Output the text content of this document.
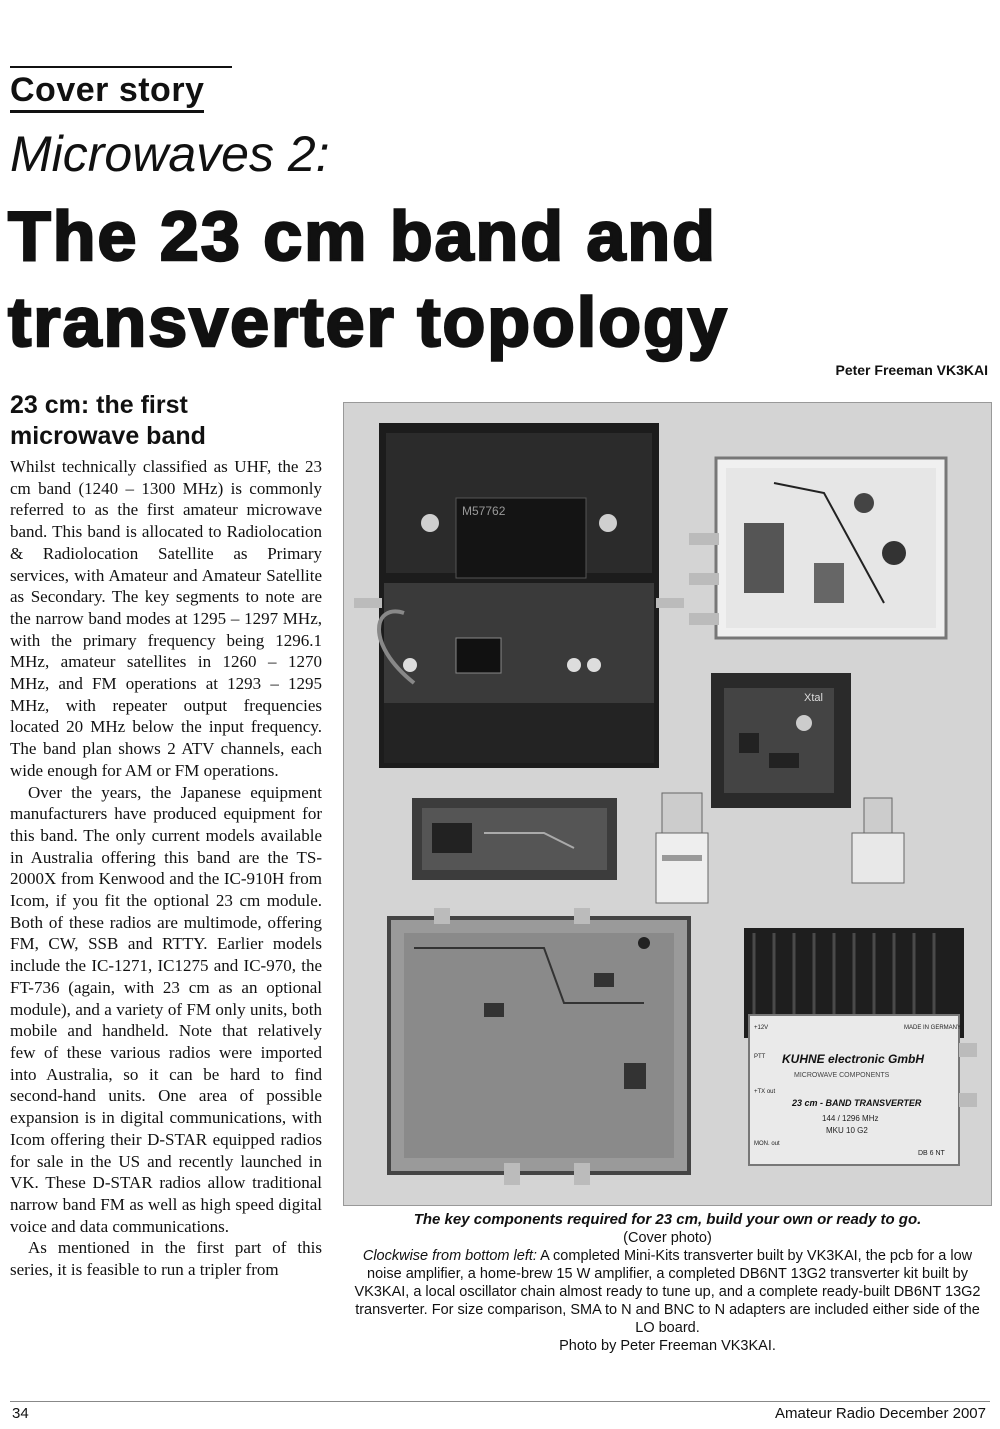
Cover story
Microwaves 2:
The 23 cm band and
transverter topology
Peter Freeman VK3KAI
23 cm: the first
microwave band

Whilst technically classified as UHF, the 23 cm band (1240 – 1300 MHz) is commonly referred to as the first amateur microwave band. This band is allocated to Radiolocation & Radiolocation Satellite as Primary services, with Amateur and Amateur Satellite as Secondary. The key segments to note are the narrow band modes at 1295 – 1297 MHz, with the primary frequency being 1296.1 MHz, amateur satellites in 1260 – 1270 MHz, and FM operations at 1293 – 1295 MHz, with repeater output frequencies located 20 MHz below the input frequency. The band plan shows 2 ATV channels, each wide enough for AM or FM operations.

Over the years, the Japanese equipment manufacturers have produced equipment for this band. The only current models available in Australia offering this band are the TS-2000X from Kenwood and the IC-910H from Icom, if you fit the optional 23 cm module. Both of these radios are multimode, offering FM, CW, SSB and RTTY. Earlier models include the IC-1271, IC1275 and IC-970, the FT-736 (again, with 23 cm as an optional module), and a variety of FM only units, both mobile and handheld. Note that relatively few of these various radios were imported into Australia, so it can be hard to find second-hand units. One area of possible expansion is in digital communications, with Icom offering their D-STAR equipped radios for sale in the US and recently launched in VK. These D-STAR radios allow traditional narrow band FM as well as high speed digital voice and data communications.

As mentioned in the first part of this series, it is feasible to run a tripler from

M57762
Xtal
KUHNE electronic GmbH
MICROWAVE COMPONENTS
23 cm - BAND TRANSVERTER
144 / 1296 MHz
MKU 10 G2
DB 6 NT
+12V
PTT
+TX out
MON. out
MADE IN GERMANY
The key components required for 23 cm, build your own or ready to go.
(Cover photo)
Clockwise from bottom left: A completed Mini-Kits transverter built by VK3KAI, the pcb for a low noise amplifier, a home-brew 15 W amplifier, a completed DB6NT 13G2 transverter kit built by VK3KAI, a local oscillator chain almost ready to tune up, and a complete ready-built DB6NT 13G2 transverter. For size comparison, SMA to N and BNC to N adapters are included either side of the LO board.
Photo by Peter Freeman VK3KAI.
34	Amateur Radio December 2007
